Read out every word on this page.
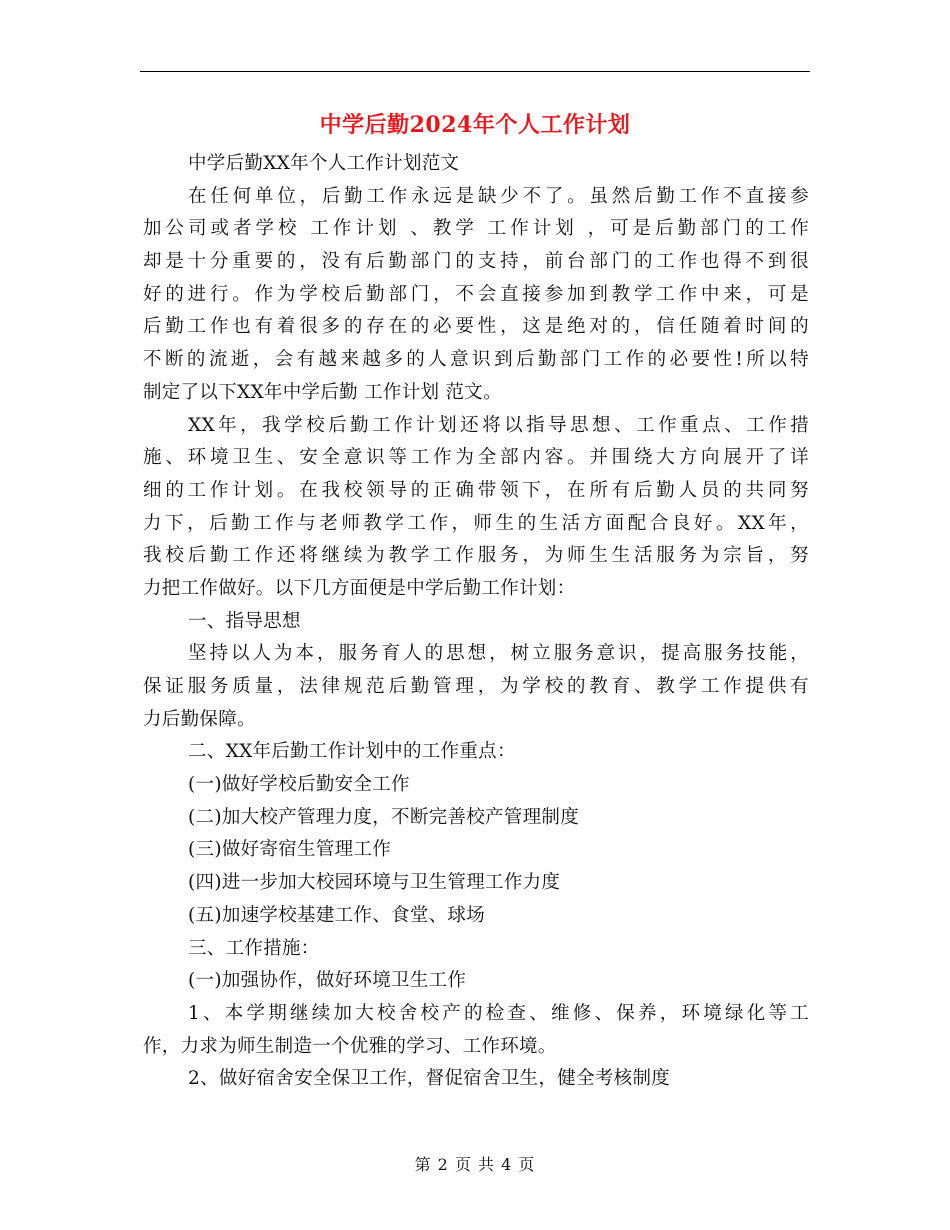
中学后勤2024年个人工作计划
中学后勤XX年个人工作计划范文
在任何单位，后勤工作永远是缺少不了。虽然后勤工作不直接参
加公司或者学校 工作计划 、教学 工作计划 ，可是后勤部门的工作
却是十分重要的，没有后勤部门的支持，前台部门的工作也得不到很
好的进行。作为学校后勤部门，不会直接参加到教学工作中来，可是
后勤工作也有着很多的存在的必要性，这是绝对的，信任随着时间的
不断的流逝，会有越来越多的人意识到后勤部门工作的必要性!所以特
制定了以下XX年中学后勤 工作计划 范文。
XX年，我学校后勤工作计划还将以指导思想、工作重点、工作措
施、环境卫生、安全意识等工作为全部内容。并围绕大方向展开了详
细的工作计划。在我校领导的正确带领下，在所有后勤人员的共同努
力下，后勤工作与老师教学工作，师生的生活方面配合良好。XX年，
我校后勤工作还将继续为教学工作服务，为师生生活服务为宗旨，努
力把工作做好。以下几方面便是中学后勤工作计划：
一、指导思想
坚持以人为本，服务育人的思想，树立服务意识，提高服务技能，
保证服务质量，法律规范后勤管理，为学校的教育、教学工作提供有
力后勤保障。
二、XX年后勤工作计划中的工作重点：
(一)做好学校后勤安全工作
(二)加大校产管理力度，不断完善校产管理制度
(三)做好寄宿生管理工作
(四)进一步加大校园环境与卫生管理工作力度
(五)加速学校基建工作、食堂、球场
三、工作措施：
(一)加强协作，做好环境卫生工作
1、本学期继续加大校舍校产的检查、维修、保养，环境绿化等工
作，力求为师生制造一个优雅的学习、工作环境。
2、做好宿舍安全保卫工作，督促宿舍卫生，健全考核制度
第 2 页 共 4 页
